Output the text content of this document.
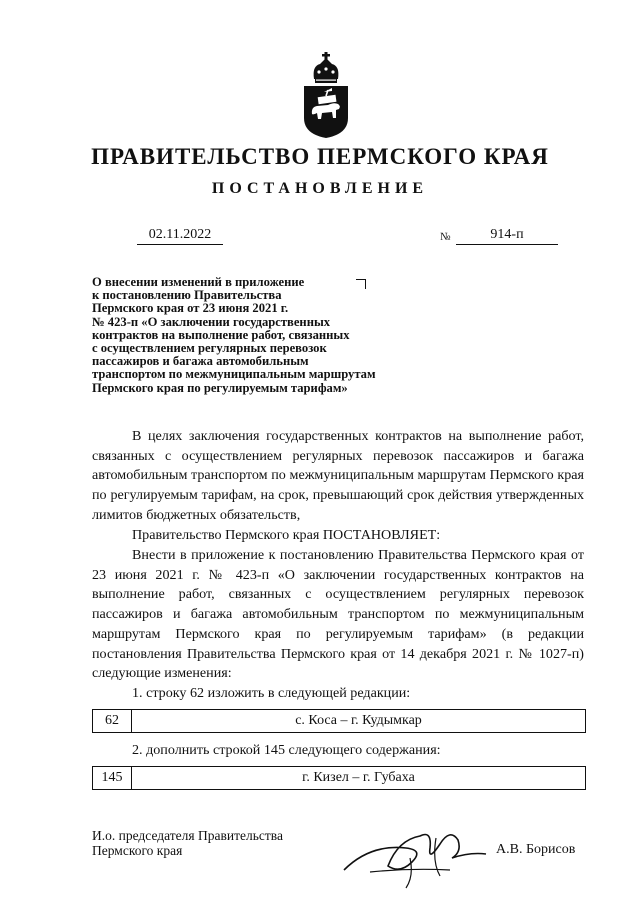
ПРАВИТЕЛЬСТВО ПЕРМСКОГО КРАЯ
ПОСТАНОВЛЕНИЕ
02.11.2022	№	914-п
О внесении изменений в приложение
к постановлению Правительства
Пермского края от 23 июня 2021 г.
№ 423-п «О заключении государственных
контрактов на выполнение работ, связанных
с осуществлением регулярных перевозок
пассажиров и багажа автомобильным
транспортом по межмуниципальным маршрутам
Пермского края по регулируемым тарифам»
В целях заключения государственных контрактов на выполнение работ, связанных с осуществлением регулярных перевозок пассажиров и багажа автомобильным транспортом по межмуниципальным маршрутам Пермского края по регулируемым тарифам, на срок, превышающий срок действия утвержденных лимитов бюджетных обязательств,
Правительство Пермского края ПОСТАНОВЛЯЕТ:
Внести в приложение к постановлению Правительства Пермского края от 23 июня 2021 г. № 423-п «О заключении государственных контрактов на выполнение работ, связанных с осуществлением регулярных перевозок пассажиров и багажа автомобильным транспортом по межмуниципальным маршрутам Пермского края по регулируемым тарифам» (в редакции постановления Правительства Пермского края от 14 декабря 2021 г. № 1027-п) следующие изменения:
1. строку 62 изложить в следующей редакции:
62	с. Коса – г. Кудымкар
2. дополнить строкой 145 следующего содержания:
145	г. Кизел – г. Губаха
И.о. председателя Правительства
Пермского края	А.В. Борисов
